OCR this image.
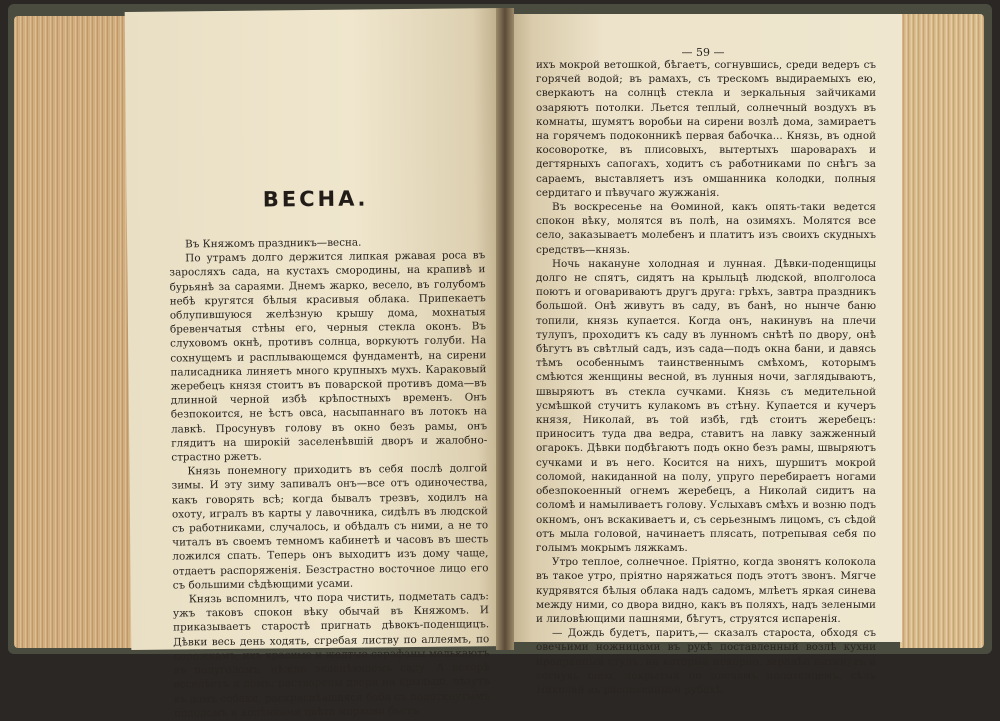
ВЕСНА.

Въ Княжомъ праздникъ—весна.

По утрамъ долго держится липкая ржавая роса въ заросляхъ сада, на кустахъ смородины, на крапивѣ и бурьянѣ за сараями. Днемъ жарко, весело, въ голубомъ небѣ кругятся бѣлыя красивыя облака. Припекаетъ облупившуюся желѣзную крышу дома, мохнатыя бревенчатыя стѣны его, черныя стекла оконъ. Въ слуховомъ окнѣ, противъ солнца, воркуютъ голуби. На сохнущемъ и расплывающемся фундаментѣ, на сирени палисадника линяетъ много крупныхъ мухъ. Караковый жеребецъ князя стоитъ въ поварской противъ дома—въ длинной черной избѣ крѣпостныхъ временъ. Онъ безпокоится, не ѣстъ овса, насыпаннаго въ лотокъ на лавкѣ. Просунувъ голову въ окно безъ рамы, онъ глядитъ на широкій заселенѣвшій дворъ и жалобно-страстно ржетъ.

Князь понемногу приходитъ въ себя послѣ долгой зимы. И эту зиму запивалъ онъ—все отъ одиночества, какъ говорять всѣ; когда бывалъ трезвъ, ходилъ на охоту, игралъ въ карты у лавочника, сидѣлъ въ людской съ работниками, случалось, и обѣдалъ съ ними, а не то читалъ въ своемъ темномъ кабинетѣ и часовъ въ шесть ложился спать. Теперь онъ выходитъ изъ дому чаще, отдаетъ распоряженія. Безстрастно восточное лицо его съ большими сѣдѣющими усами.

Князь вспомнилъ, что пора чистить, подметать садъ: ужъ таковъ спокон вѣку обычай въ Княжомъ. И приказываетъ старостѣ пригнать дѣвокъ-поденщицъ. Дѣвки весь день ходять, сгребая листву по аллеямъ, по дорожкамъ, ихъ красные и желтые сарафаны мелькаютъ въ полуголомъ, нѣжно зеленѣющемъ саду. А вскорѣ веселѣетъ и домъ: растворены двери на крыльцо, лѣзутъ въ домъ собаки, раскраснѣвшаяся баба съ подоткнутымъ подоломъ и колѣнками цвѣта моркови бьетъ

— 59 —

ихъ мокрой ветошкой, бѣгаетъ, согнувшись, среди ведеръ съ горячей водой; въ рамахъ, съ трескомъ выдираемыхъ ею, сверкаютъ на солнцѣ стекла и зеркальныя зайчиками озаряютъ потолки. Льется теплый, солнечный воздухъ въ комнаты, шумятъ воробьи на сирени возлѣ дома, замираетъ на горячемъ подоконникѣ первая бабочка... Князь, въ одной косоворотке, въ плисовыхъ, вытертыхъ шароварахъ и дегтярныхъ сапогахъ, ходитъ съ работниками по снѣгъ за сараемъ, выставляетъ изъ омшанника колодки, полныя сердитаго и пѣвучаго жужжанія.

Въ воскресенье на Ѳоминой, какъ опять-таки ведется спокон вѣку, молятся въ полѣ, на озимяхъ. Молятся все село, заказываетъ молебенъ и платитъ изъ своихъ скудныхъ средствъ—князь.

Ночь накануне холодная и лунная. Дѣвки-поденщицы долго не спятъ, сидятъ на крыльцѣ людской, вполголоса поютъ и оговариваютъ другъ друга: грѣхъ, завтра праздникъ большой. Онѣ живутъ въ саду, въ банѣ, но нынче баню топили, князь купается. Когда онъ, накинувъ на плечи тулупъ, проходитъ къ саду въ лунномъ снѣтѣ по двору, онѣ бѣгутъ въ свѣтлый садъ, изъ сада—подъ окна бани, и давясь тѣмъ особеннымъ таинственнымъ смѣхомъ, которымъ смѣются женщины весной, въ лунныя ночи, заглядываютъ, швыряютъ въ стекла сучками. Князь съ медительной усмѣшкой стучитъ кулакомъ въ стѣну. Купается и кучеръ князя, Николай, въ той избѣ, гдѣ стоитъ жеребецъ: приноситъ туда два ведра, ставитъ на лавку зажженный огарокъ. Дѣвки подбѣгаютъ подъ окно безъ рамы, швыряютъ сучками и въ него. Косится на нихъ, шуршитъ мокрой соломой, накиданной на полу, упруго перебираетъ ногами обезпокоенный огнемъ жеребецъ, а Николай сидитъ на соломѣ и намыливаетъ голову. Услыхавъ смѣхъ и возню подъ окномъ, онъ вскакиваетъ и, съ серьезнымъ лицомъ, съ сѣдой отъ мыла головой, начинаетъ плясать, потрепывая себя по голымъ мокрымъ ляжкамъ.

Утро теплое, солнечное. Пріятно, когда звонятъ колокола въ такое утро, пріятно наряжаться подъ этотъ звонъ. Мягче кудрявятся бѣлыя облака надъ садомъ, млѣетъ яркая синева между ними, со двора видно, какъ въ поляхъ, надъ зелеными и лиловѣющими пашнями, бѣгутъ, струятся испаренія.

— Дождь будетъ, паритъ,— сказалъ староста, обходя съ овечьими ножницами въ рукѣ поставленный возлѣ кухни продранный стулъ, на который покорно, заранѣе вытянувъ и согнувъ шею, покрытый по плечамъ полотенцемъ, сѣлъ Николай въ распоясанной рубахѣ.
